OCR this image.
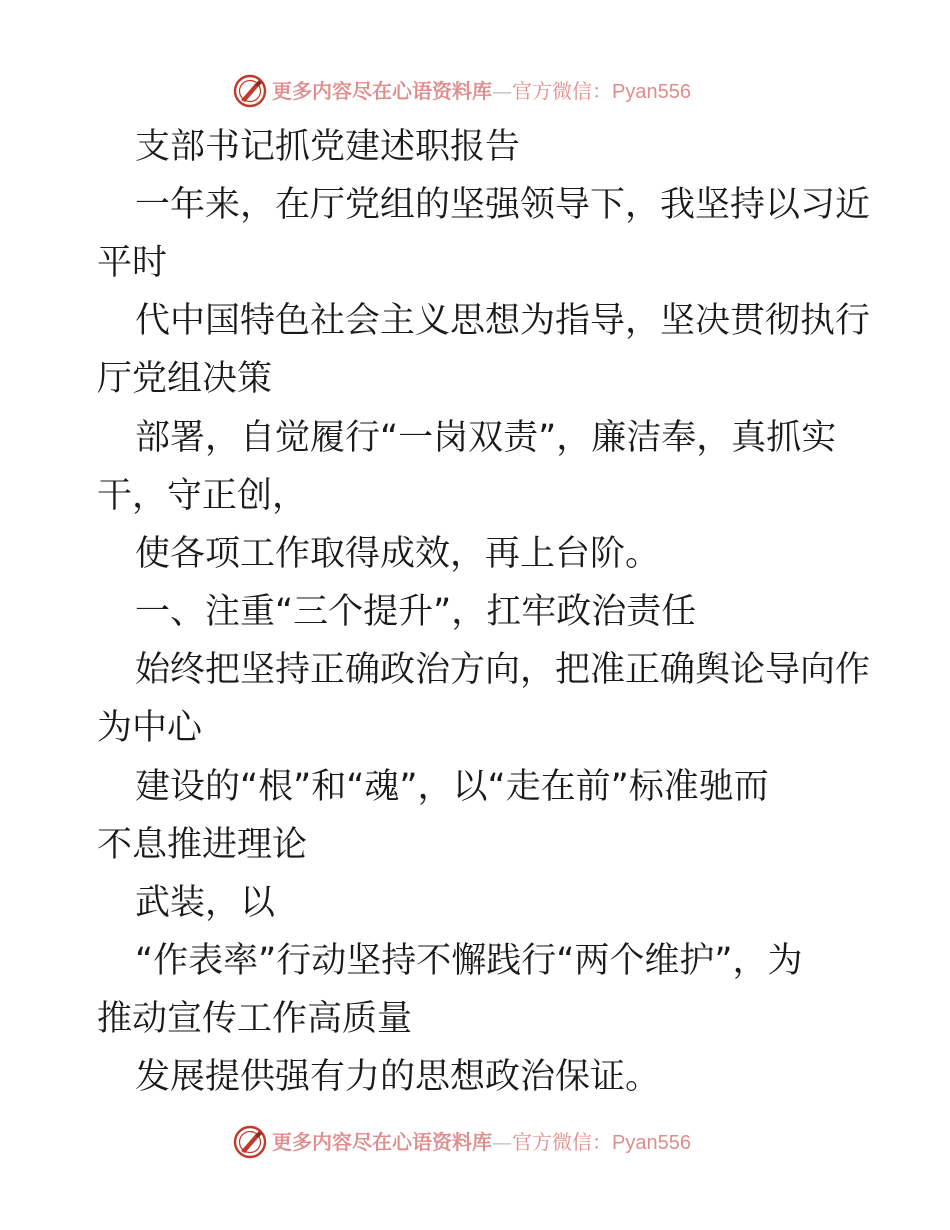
更多内容尽在心语资料库—官方微信：Pyan556
支部书记抓党建述职报告
一年来，在厅党组的坚强领导下，我坚持以习近
平时
代中国特色社会主义思想为指导，坚决贯彻执行
厅党组决策
部署，自觉履行“一岗双责”，廉洁奉，真抓实
干，守正创，
使各项工作取得成效，再上台阶。
一、注重“三个提升”，扛牢政治责任
始终把坚持正确政治方向，把准正确舆论导向作
为中心
建设的“根”和“魂”，以“走在前”标准驰而
不息推进理论
武装，以
“作表率”行动坚持不懈践行“两个维护”，为
推动宣传工作高质量
发展提供强有力的思想政治保证。
更多内容尽在心语资料库—官方微信：Pyan556
